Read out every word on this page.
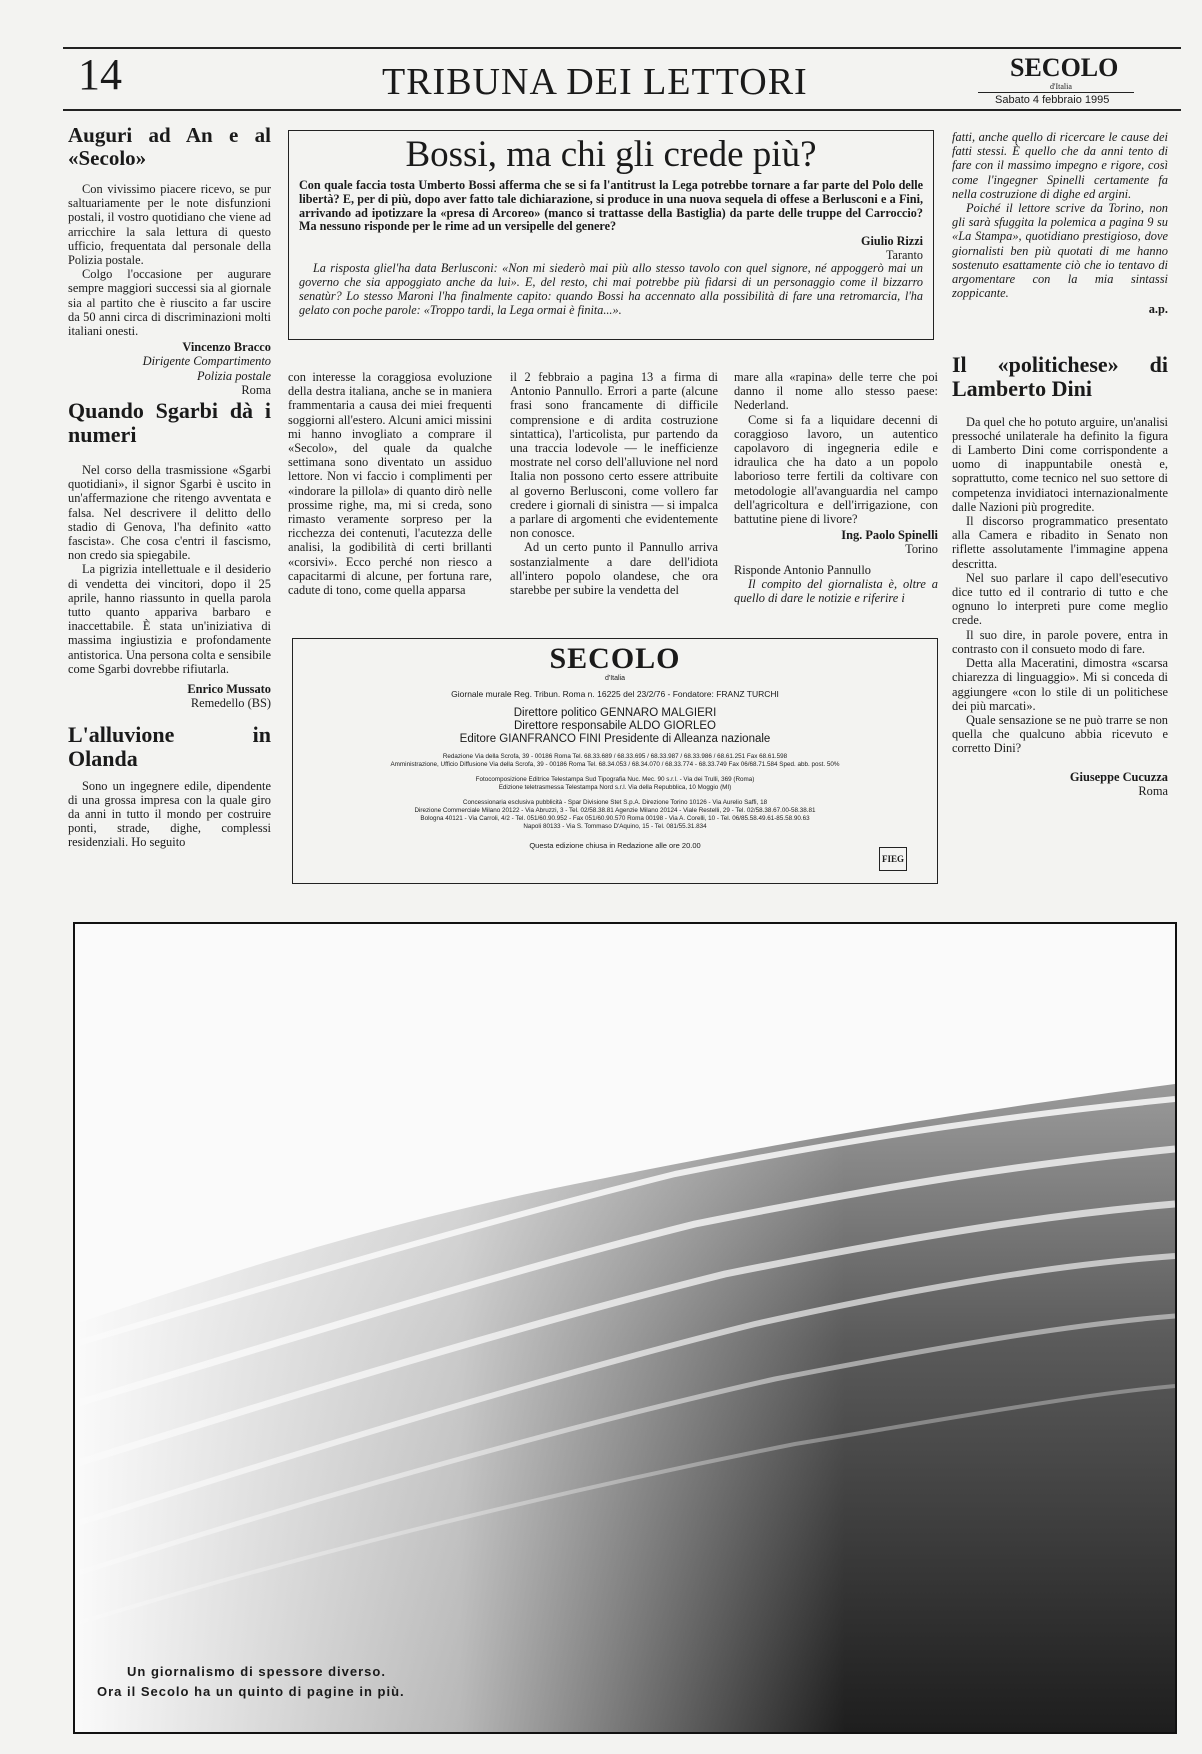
14	TRIBUNA DEI LETTORI	SECOLO
d'Italia
Sabato 4 febbraio 1995
Auguri ad An e al «Secolo»

Con vivissimo piacere ricevo, se pur saltuariamente per le note disfunzioni postali, il vostro quotidiano che viene ad arricchire la sala lettura di questo ufficio, frequentata dal personale della Polizia postale.

Colgo l'occasione per augurare sempre maggiori successi sia al giornale sia al partito che è riuscito a far uscire da 50 anni circa di discriminazioni molti italiani onesti.

Vincenzo Bracco

Dirigente Compartimento

Polizia postale

Roma

Quando Sgarbi dà i numeri

Nel corso della trasmissione «Sgarbi quotidiani», il signor Sgarbi è uscito in un'affermazione che ritengo avventata e falsa. Nel descrivere il delitto dello stadio di Genova, l'ha definito «atto fascista». Che cosa c'entri il fascismo, non credo sia spiegabile.

La pigrizia intellettuale e il desiderio di vendetta dei vincitori, dopo il 25 aprile, hanno riassunto in quella parola tutto quanto appariva barbaro e inaccettabile. È stata un'iniziativa di massima ingiustizia e profondamente antistorica. Una persona colta e sensibile come Sgarbi dovrebbe rifiutarla.

Enrico Mussato

Remedello (BS)

L'alluvione in Olanda

Sono un ingegnere edile, dipendente di una grossa impresa con la quale giro da anni in tutto il mondo per costruire ponti, strade, dighe, complessi residenziali. Ho seguito

Bossi, ma chi gli crede più?
Con quale faccia tosta Umberto Bossi afferma che se si fa l'antitrust la Lega potrebbe tornare a far parte del Polo delle libertà? E, per di più, dopo aver fatto tale dichiarazione, si produce in una nuova sequela di offese a Berlusconi e a Fini, arrivando ad ipotizzare la «presa di Arcoreo» (manco si trattasse della Bastiglia) da parte delle truppe del Carroccio? Ma nessuno risponde per le rime ad un versipelle del genere?
Giulio Rizzi
Taranto
La risposta gliel'ha data Berlusconi: «Non mi siederò mai più allo stesso tavolo con quel signore, né appoggerò mai un governo che sia appoggiato anche da lui». E, del resto, chi mai potrebbe più fidarsi di un personaggio come il bizzarro senatùr? Lo stesso Maroni l'ha finalmente capito: quando Bossi ha accennato alla possibilità di fare una retromarcia, l'ha gelato con poche parole: «Troppo tardi, la Lega ormai è finita...».

con interesse la coraggiosa evoluzione della destra italiana, anche se in maniera frammentaria a causa dei miei frequenti soggiorni all'estero. Alcuni amici missini mi hanno invogliato a comprare il «Secolo», del quale da qualche settimana sono diventato un assiduo lettore. Non vi faccio i complimenti per «indorare la pillola» di quanto dirò nelle prossime righe, ma, mi si creda, sono rimasto veramente sorpreso per la ricchezza dei contenuti, l'acutezza delle analisi, la godibilità di certi brillanti «corsivi». Ecco perché non riesco a capacitarmi di alcune, per fortuna rare, cadute di tono, come quella apparsa

il 2 febbraio a pagina 13 a firma di Antonio Pannullo. Errori a parte (alcune frasi sono francamente di difficile comprensione e di ardita costruzione sintattica), l'articolista, pur partendo da una traccia lodevole — le inefficienze mostrate nel corso dell'alluvione nel nord Italia non possono certo essere attribuite al governo Berlusconi, come vollero far credere i giornali di sinistra — si impalca a parlare di argomenti che evidentemente non conosce.

Ad un certo punto il Pannullo arriva sostanzialmente a dare dell'idiota all'intero popolo olandese, che ora starebbe per subire la vendetta del

mare alla «rapina» delle terre che poi danno il nome allo stesso paese: Nederland.

Come si fa a liquidare decenni di coraggioso lavoro, un autentico capolavoro di ingegneria edile e idraulica che ha dato a un popolo laborioso terre fertili da coltivare con metodologie all'avanguardia nel campo dell'agricoltura e dell'irrigazione, con battutine piene di livore?

Ing. Paolo Spinelli

Torino

Risponde Antonio Pannullo

Il compito del giornalista è, oltre a quello di dare le notizie e riferire i

fatti, anche quello di ricercare le cause dei fatti stessi. È quello che da anni tento di fare con il massimo impegno e rigore, così come l'ingegner Spinelli certamente fa nella costruzione di dighe ed argini.

Poiché il lettore scrive da Torino, non gli sarà sfuggita la polemica a pagina 9 su «La Stampa», quotidiano prestigioso, dove giornalisti ben più quotati di me hanno sostenuto esattamente ciò che io tentavo di argomentare con la mia sintassi zoppicante.

a.p.

Il «politichese» di Lamberto Dini

Da quel che ho potuto arguire, un'analisi pressoché unilaterale ha definito la figura di Lamberto Dini come corrispondente a uomo di inappuntabile onestà e, soprattutto, come tecnico nel suo settore di competenza invidiatoci internazionalmente dalle Nazioni più progredite.

Il discorso programmatico presentato alla Camera e ribadito in Senato non riflette assolutamente l'immagine appena descritta.

Nel suo parlare il capo dell'esecutivo dice tutto ed il contrario di tutto e che ognuno lo interpreti pure come meglio crede.

Il suo dire, in parole povere, entra in contrasto con il consueto modo di fare.

Detta alla Maceratini, dimostra «scarsa chiarezza di linguaggio». Mi si conceda di aggiungere «con lo stile di un politichese dei più marcati».

Quale sensazione se ne può trarre se non quella che qualcuno abbia ricevuto e corretto Dini?

Giuseppe Cucuzza

Roma

SECOLO
d'Italia
Giornale murale Reg. Tribun. Roma n. 16225 del 23/2/76 - Fondatore: FRANZ TURCHI
Direttore politico GENNARO MALGIERI
Direttore responsabile ALDO GIORLEO
Editore GIANFRANCO FINI Presidente di Alleanza nazionale
Redazione Via della Scrofa, 39 - 00186 Roma Tel. 68.33.689 / 68.33.695 / 68.33.987 / 68.33.986 / 68.61.251 Fax 68.61.598
Amministrazione, Ufficio Diffusione Via della Scrofa, 39 - 00186 Roma Tel. 68.34.053 / 68.34.070 / 68.33.774 - 68.33.749 Fax 06/68.71.584 Sped. abb. post. 50%
Fotocomposizione Editrice Telestampa Sud Tipografia Nuc. Mec. 90 s.r.l. - Via dei Trulli, 369 (Roma)
Edizione teletrasmessa Telestampa Nord s.r.l. Via della Repubblica, 10 Moggio (MI)
Concessionaria esclusiva pubblicità - Spar Divisione Stet S.p.A. Direzione Torino 10126 - Via Aurelio Saffi, 18
Direzione Commerciale Milano 20122 - Via Abruzzi, 3 - Tel. 02/58.38.81 Agenzie Milano 20124 - Viale Restelli, 29 - Tel. 02/58.38.67.00-58.38.81
Bologna 40121 - Via Carroli, 4/2 - Tel. 051/60.90.952 - Fax 051/60.90.570 Roma 00198 - Via A. Corelli, 10 - Tel. 06/85.58.49.61-85.58.90.63
Napoli 80133 - Via S. Tommaso D'Aquino, 15 - Tel. 081/55.31.834
Questa edizione chiusa in Redazione alle ore 20.00
FIEG
Un giornalismo di spessore diverso.
Ora il Secolo ha un quinto di pagine in più.
